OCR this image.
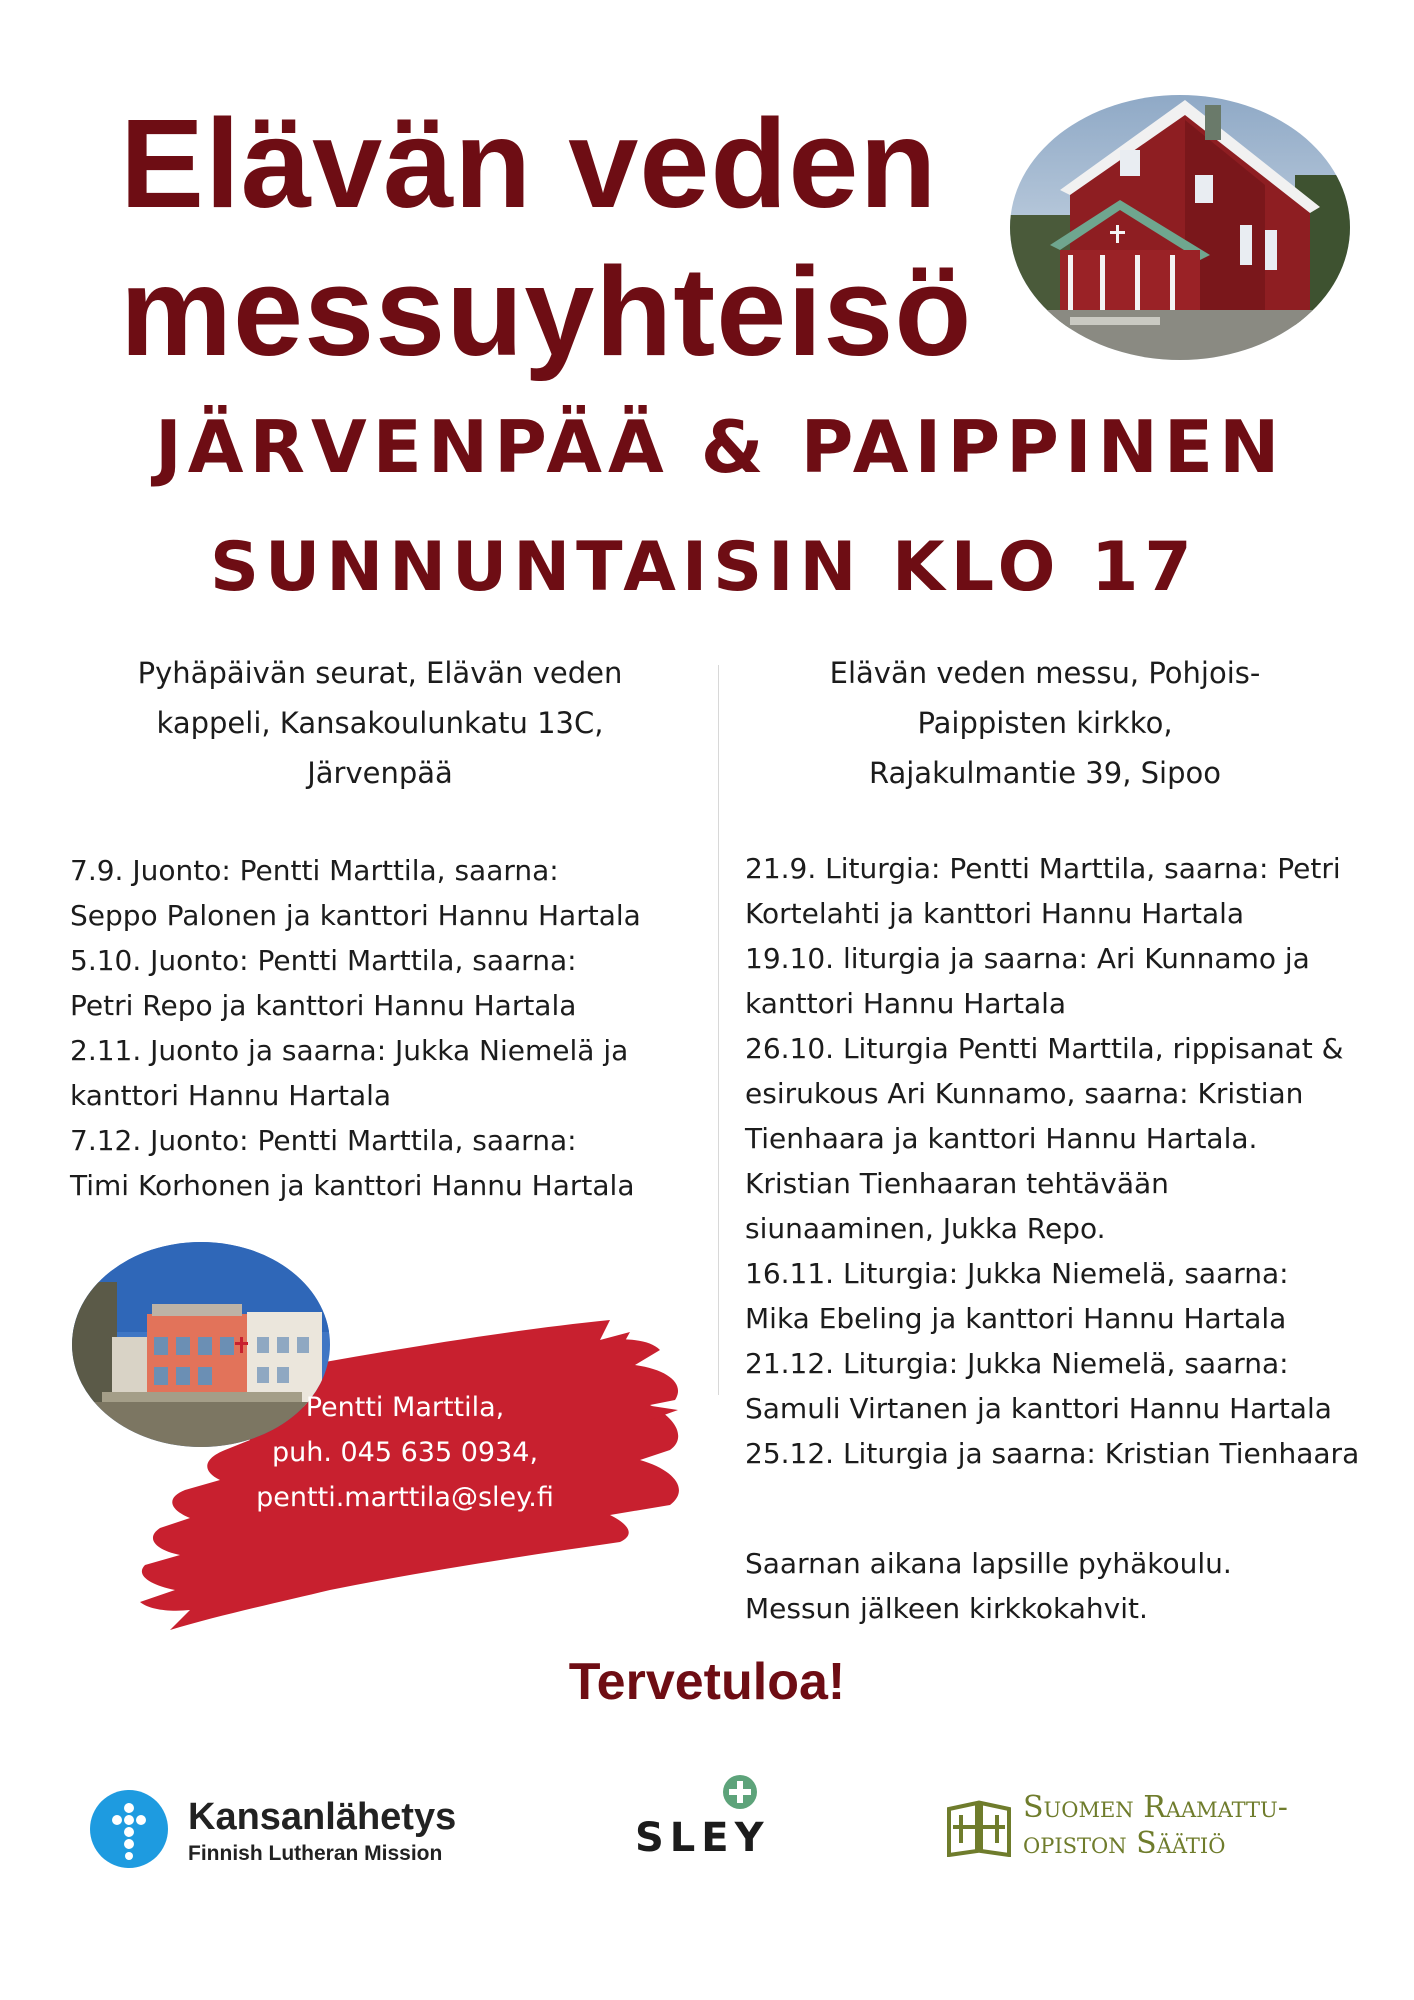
Elävän veden
messuyhteisö
JÄRVENPÄÄ & PAIPPINEN
SUNNUNTAISIN KLO 17

Pyhäpäivän seurat, Elävän veden
kappeli, Kansakoulunkatu 13C,
Järvenpää

7.9. Juonto: Pentti Marttila, saarna:
Seppo Palonen ja kanttori Hannu Hartala
5.10. Juonto: Pentti Marttila, saarna:
Petri Repo ja kanttori Hannu Hartala
2.11. Juonto ja saarna: Jukka Niemelä ja
kanttori Hannu Hartala
7.12. Juonto: Pentti Marttila, saarna:
Timi Korhonen ja kanttori Hannu Hartala

Elävän veden messu, Pohjois-
Paippisten kirkko,
Rajakulmantie 39, Sipoo

21.9. Liturgia: Pentti Marttila, saarna: Petri
Kortelahti ja kanttori Hannu Hartala
19.10. liturgia ja saarna: Ari Kunnamo ja
kanttori Hannu Hartala
26.10. Liturgia Pentti Marttila, rippisanat &
esirukous Ari Kunnamo, saarna: Kristian
Tienhaara ja kanttori Hannu Hartala.
Kristian Tienhaaran tehtävään
siunaaminen, Jukka Repo.
16.11. Liturgia: Jukka Niemelä, saarna:
Mika Ebeling ja kanttori Hannu Hartala
21.12. Liturgia: Jukka Niemelä, saarna:
Samuli Virtanen ja kanttori Hannu Hartala
25.12. Liturgia ja saarna: Kristian Tienhaara
Saarnan aikana lapsille pyhäkoulu.
Messun jälkeen kirkkokahvit.
Pentti Marttila,
puh. 045 635 0934,
pentti.marttila@sley.fi
Tervetuloa!
Kansanlähetys
Finnish Lutheran Mission	SLEY
Suomen Raamattu-
opiston Säätiö
